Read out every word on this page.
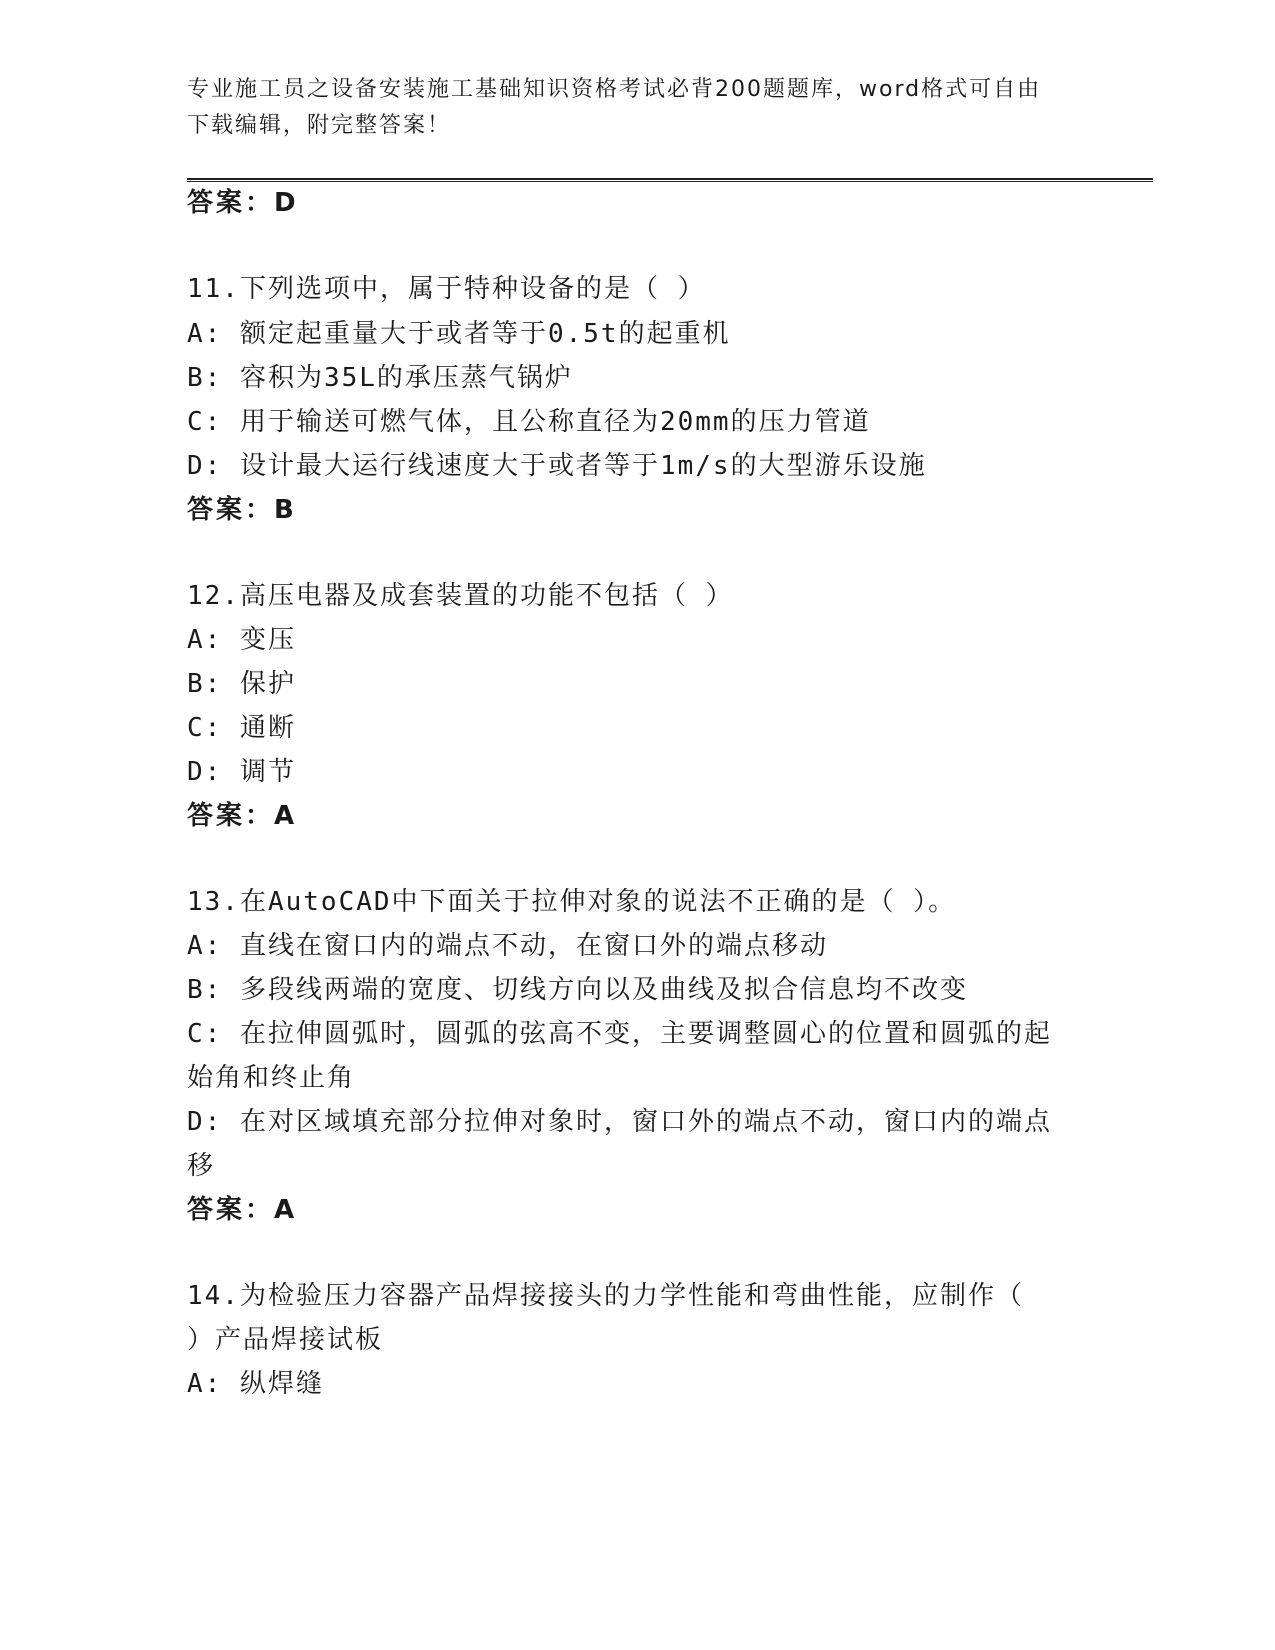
专业施工员之设备安装施工基础知识资格考试必背200题题库，word格式可自由
下载编辑，附完整答案！
答案：D
11.下列选项中，属于特种设备的是（ ）
A: 额定起重量大于或者等于0.5t的起重机
B: 容积为35L的承压蒸气锅炉
C: 用于输送可燃气体，且公称直径为20mm的压力管道
D: 设计最大运行线速度大于或者等于1m/s的大型游乐设施
答案：B
12.高压电器及成套装置的功能不包括（ ）
A: 变压
B: 保护
C: 通断
D: 调节
答案：A
13.在AutoCAD中下面关于拉伸对象的说法不正确的是（ ）。
A: 直线在窗口内的端点不动，在窗口外的端点移动
B: 多段线两端的宽度、切线方向以及曲线及拟合信息均不改变
C: 在拉伸圆弧时，圆弧的弦高不变，主要调整圆心的位置和圆弧的起
始角和终止角
D: 在对区域填充部分拉伸对象时，窗口外的端点不动，窗口内的端点
移
答案：A
14.为检验压力容器产品焊接接头的力学性能和弯曲性能，应制作（
）产品焊接试板
A: 纵焊缝
